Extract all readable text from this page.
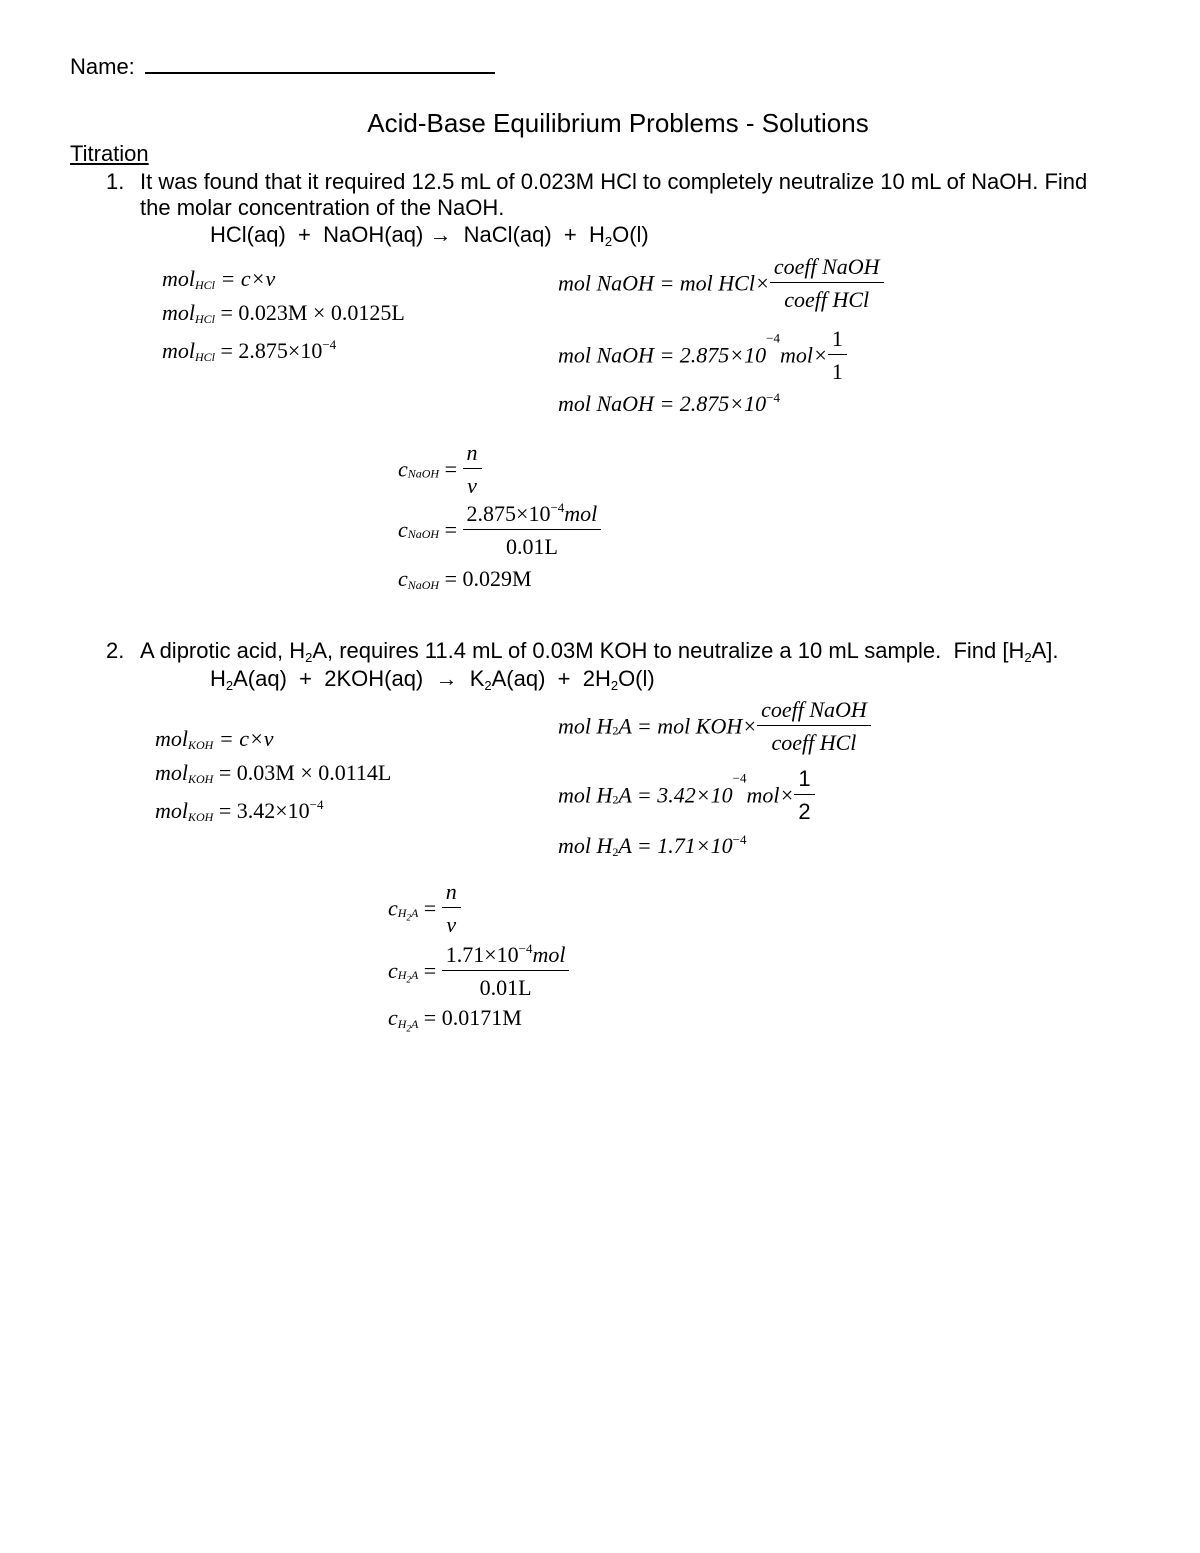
Name:
Acid-Base Equilibrium Problems - Solutions
Titration
1. It was found that it required 12.5 mL of 0.023M HCl to completely neutralize 10 mL of NaOH. Find
the molar concentration of the NaOH.
HCl(aq)  +  NaOH(aq) →  NaCl(aq)  +  $H_2O(l)$
mol$_{HCl}$ = c×v
mol$_{HCl}$ = 0.023M × 0.0125L
$mol_{HCl} = 2.875\times 10^{-4}$
mol NaOH = mol $HCl\times \frac{\text{coeff NaOH}}{\text{coeff HCl}}$
mol NaOH = $2.875\times 10^{-4}mol\times \frac{1}{1}$
mol NaOH = $2.875\times 10^{-4}$
$c_{NaOH} = \frac{n}{v}$
$c_{NaOH} = \frac{2.875\times 10^{-4}mol}{0.01L}$
$c_{NaOH} = 0.029M$
2. A diprotic acid, $H_2A$, requires 11.4 mL of 0.03M KOH to neutralize a 10 mL sample.  Find $[H_2A]$.
$H_2A(aq) + 2KOH(aq) \to K_2A(aq) + 2H_2O(l)$
mol$_{KOH}$ = c×v
mol$_{KOH}$ = 0.03M × 0.0114L
$mol_{KOH} = 3.42\times 10^{-4}$
mol $H_2A$ = mol $KOH\times \frac{\text{coeff NaOH}}{\text{coeff HCl}}$
mol $H_2A = 3.42\times 10^{-4}mol\times \frac{1}{2}$
mol $H_2A = 1.71\times 10^{-4}$
$c_{H_2A} = \frac{n}{v}$
$c_{H_2A} = \frac{1.71\times 10^{-4}mol}{0.01L}$
$c_{H_2A} = 0.0171M$
